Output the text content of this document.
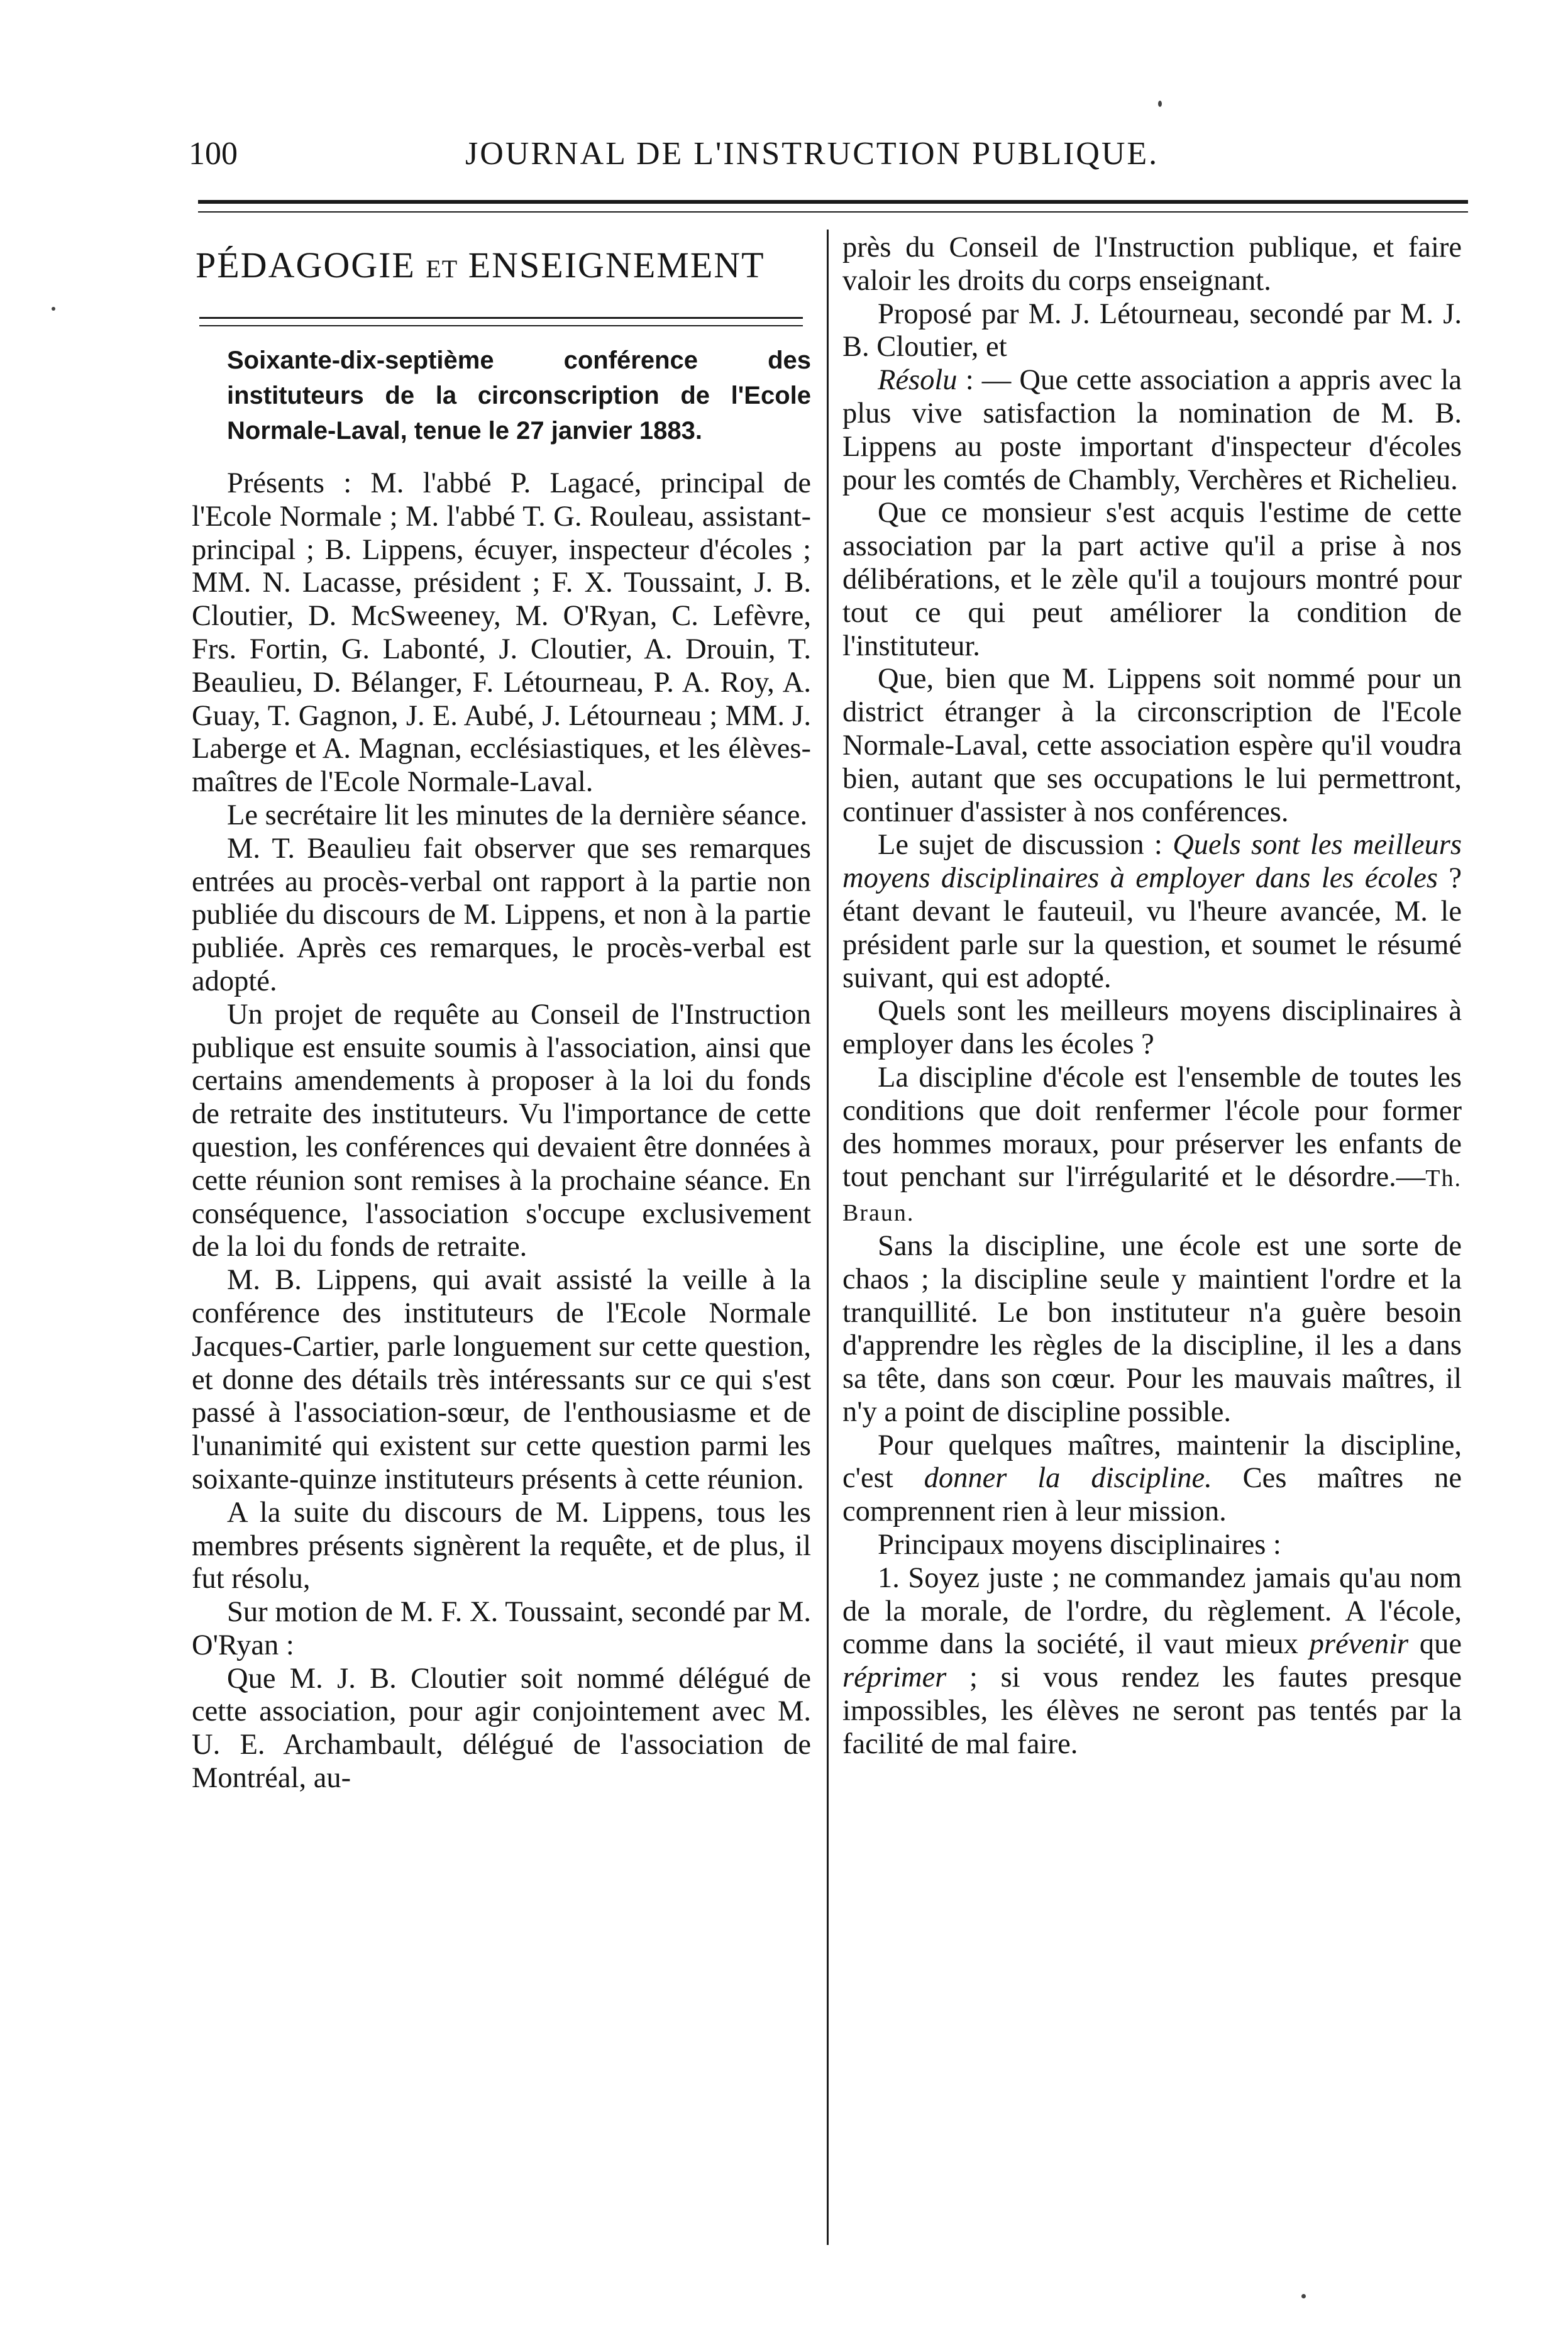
100	JOURNAL DE L'INSTRUCTION PUBLIQUE.
PÉDAGOGIE ET ENSEIGNEMENT
Soixante-dix-septième conférence des instituteurs de la circonscription de l'Ecole Normale-Laval, tenue le 27 janvier 1883.

Présents : M. l'abbé P. Lagacé, principal de l'Ecole Normale ; M. l'abbé T. G. Rouleau, assistant-principal ; B. Lippens, écuyer, inspecteur d'écoles ; MM. N. Lacasse, président ; F. X. Toussaint, J. B. Cloutier, D. McSweeney, M. O'Ryan, C. Lefèvre, Frs. Fortin, G. Labonté, J. Cloutier, A. Drouin, T. Beaulieu, D. Bélanger, F. Létourneau, P. A. Roy, A. Guay, T. Gagnon, J. E. Aubé, J. Létourneau ; MM. J. Laberge et A. Magnan, ecclésiastiques, et les élèves-maîtres de l'Ecole Normale-Laval.

Le secrétaire lit les minutes de la dernière séance.

M. T. Beaulieu fait observer que ses remarques entrées au procès-verbal ont rapport à la partie non publiée du discours de M. Lippens, et non à la partie publiée. Après ces remarques, le procès-verbal est adopté.

Un projet de requête au Conseil de l'Instruction publique est ensuite soumis à l'association, ainsi que certains amendements à proposer à la loi du fonds de retraite des instituteurs. Vu l'importance de cette question, les conférences qui devaient être données à cette réunion sont remises à la prochaine séance. En conséquence, l'association s'occupe exclusivement de la loi du fonds de retraite.

M. B. Lippens, qui avait assisté la veille à la conférence des instituteurs de l'Ecole Normale Jacques-Cartier, parle longuement sur cette question, et donne des détails très intéressants sur ce qui s'est passé à l'association-sœur, de l'enthousiasme et de l'unanimité qui existent sur cette question parmi les soixante-quinze instituteurs présents à cette réunion.

A la suite du discours de M. Lippens, tous les membres présents signèrent la requête, et de plus, il fut résolu,

Sur motion de M. F. X. Toussaint, secondé par M. O'Ryan :

Que M. J. B. Cloutier soit nommé délégué de cette association, pour agir conjointement avec M. U. E. Archambault, délégué de l'association de Montréal, au-

près du Conseil de l'Instruction publique, et faire valoir les droits du corps enseignant.

Proposé par M. J. Létourneau, secondé par M. J. B. Cloutier, et

Résolu : — Que cette association a appris avec la plus vive satisfaction la nomination de M. B. Lippens au poste important d'inspecteur d'écoles pour les comtés de Chambly, Verchères et Richelieu.

Que ce monsieur s'est acquis l'estime de cette association par la part active qu'il a prise à nos délibérations, et le zèle qu'il a toujours montré pour tout ce qui peut améliorer la condition de l'instituteur.

Que, bien que M. Lippens soit nommé pour un district étranger à la circonscription de l'Ecole Normale-Laval, cette association espère qu'il voudra bien, autant que ses occupations le lui permettront, continuer d'assister à nos conférences.

Le sujet de discussion : Quels sont les meilleurs moyens disciplinaires à employer dans les écoles ? étant devant le fauteuil, vu l'heure avancée, M. le président parle sur la question, et soumet le résumé suivant, qui est adopté.

Quels sont les meilleurs moyens disciplinaires à employer dans les écoles ?

La discipline d'école est l'ensemble de toutes les conditions que doit renfermer l'école pour former des hommes moraux, pour préserver les enfants de tout penchant sur l'irrégularité et le désordre.—Th. Braun.

Sans la discipline, une école est une sorte de chaos ; la discipline seule y maintient l'ordre et la tranquillité. Le bon instituteur n'a guère besoin d'apprendre les règles de la discipline, il les a dans sa tête, dans son cœur. Pour les mauvais maîtres, il n'y a point de discipline possible.

Pour quelques maîtres, maintenir la discipline, c'est donner la discipline. Ces maîtres ne comprennent rien à leur mission.

Principaux moyens disciplinaires :

1. Soyez juste ; ne commandez jamais qu'au nom de la morale, de l'ordre, du règlement. A l'école, comme dans la société, il vaut mieux prévenir que réprimer ; si vous rendez les fautes presque impossibles, les élèves ne seront pas tentés par la facilité de mal faire.
